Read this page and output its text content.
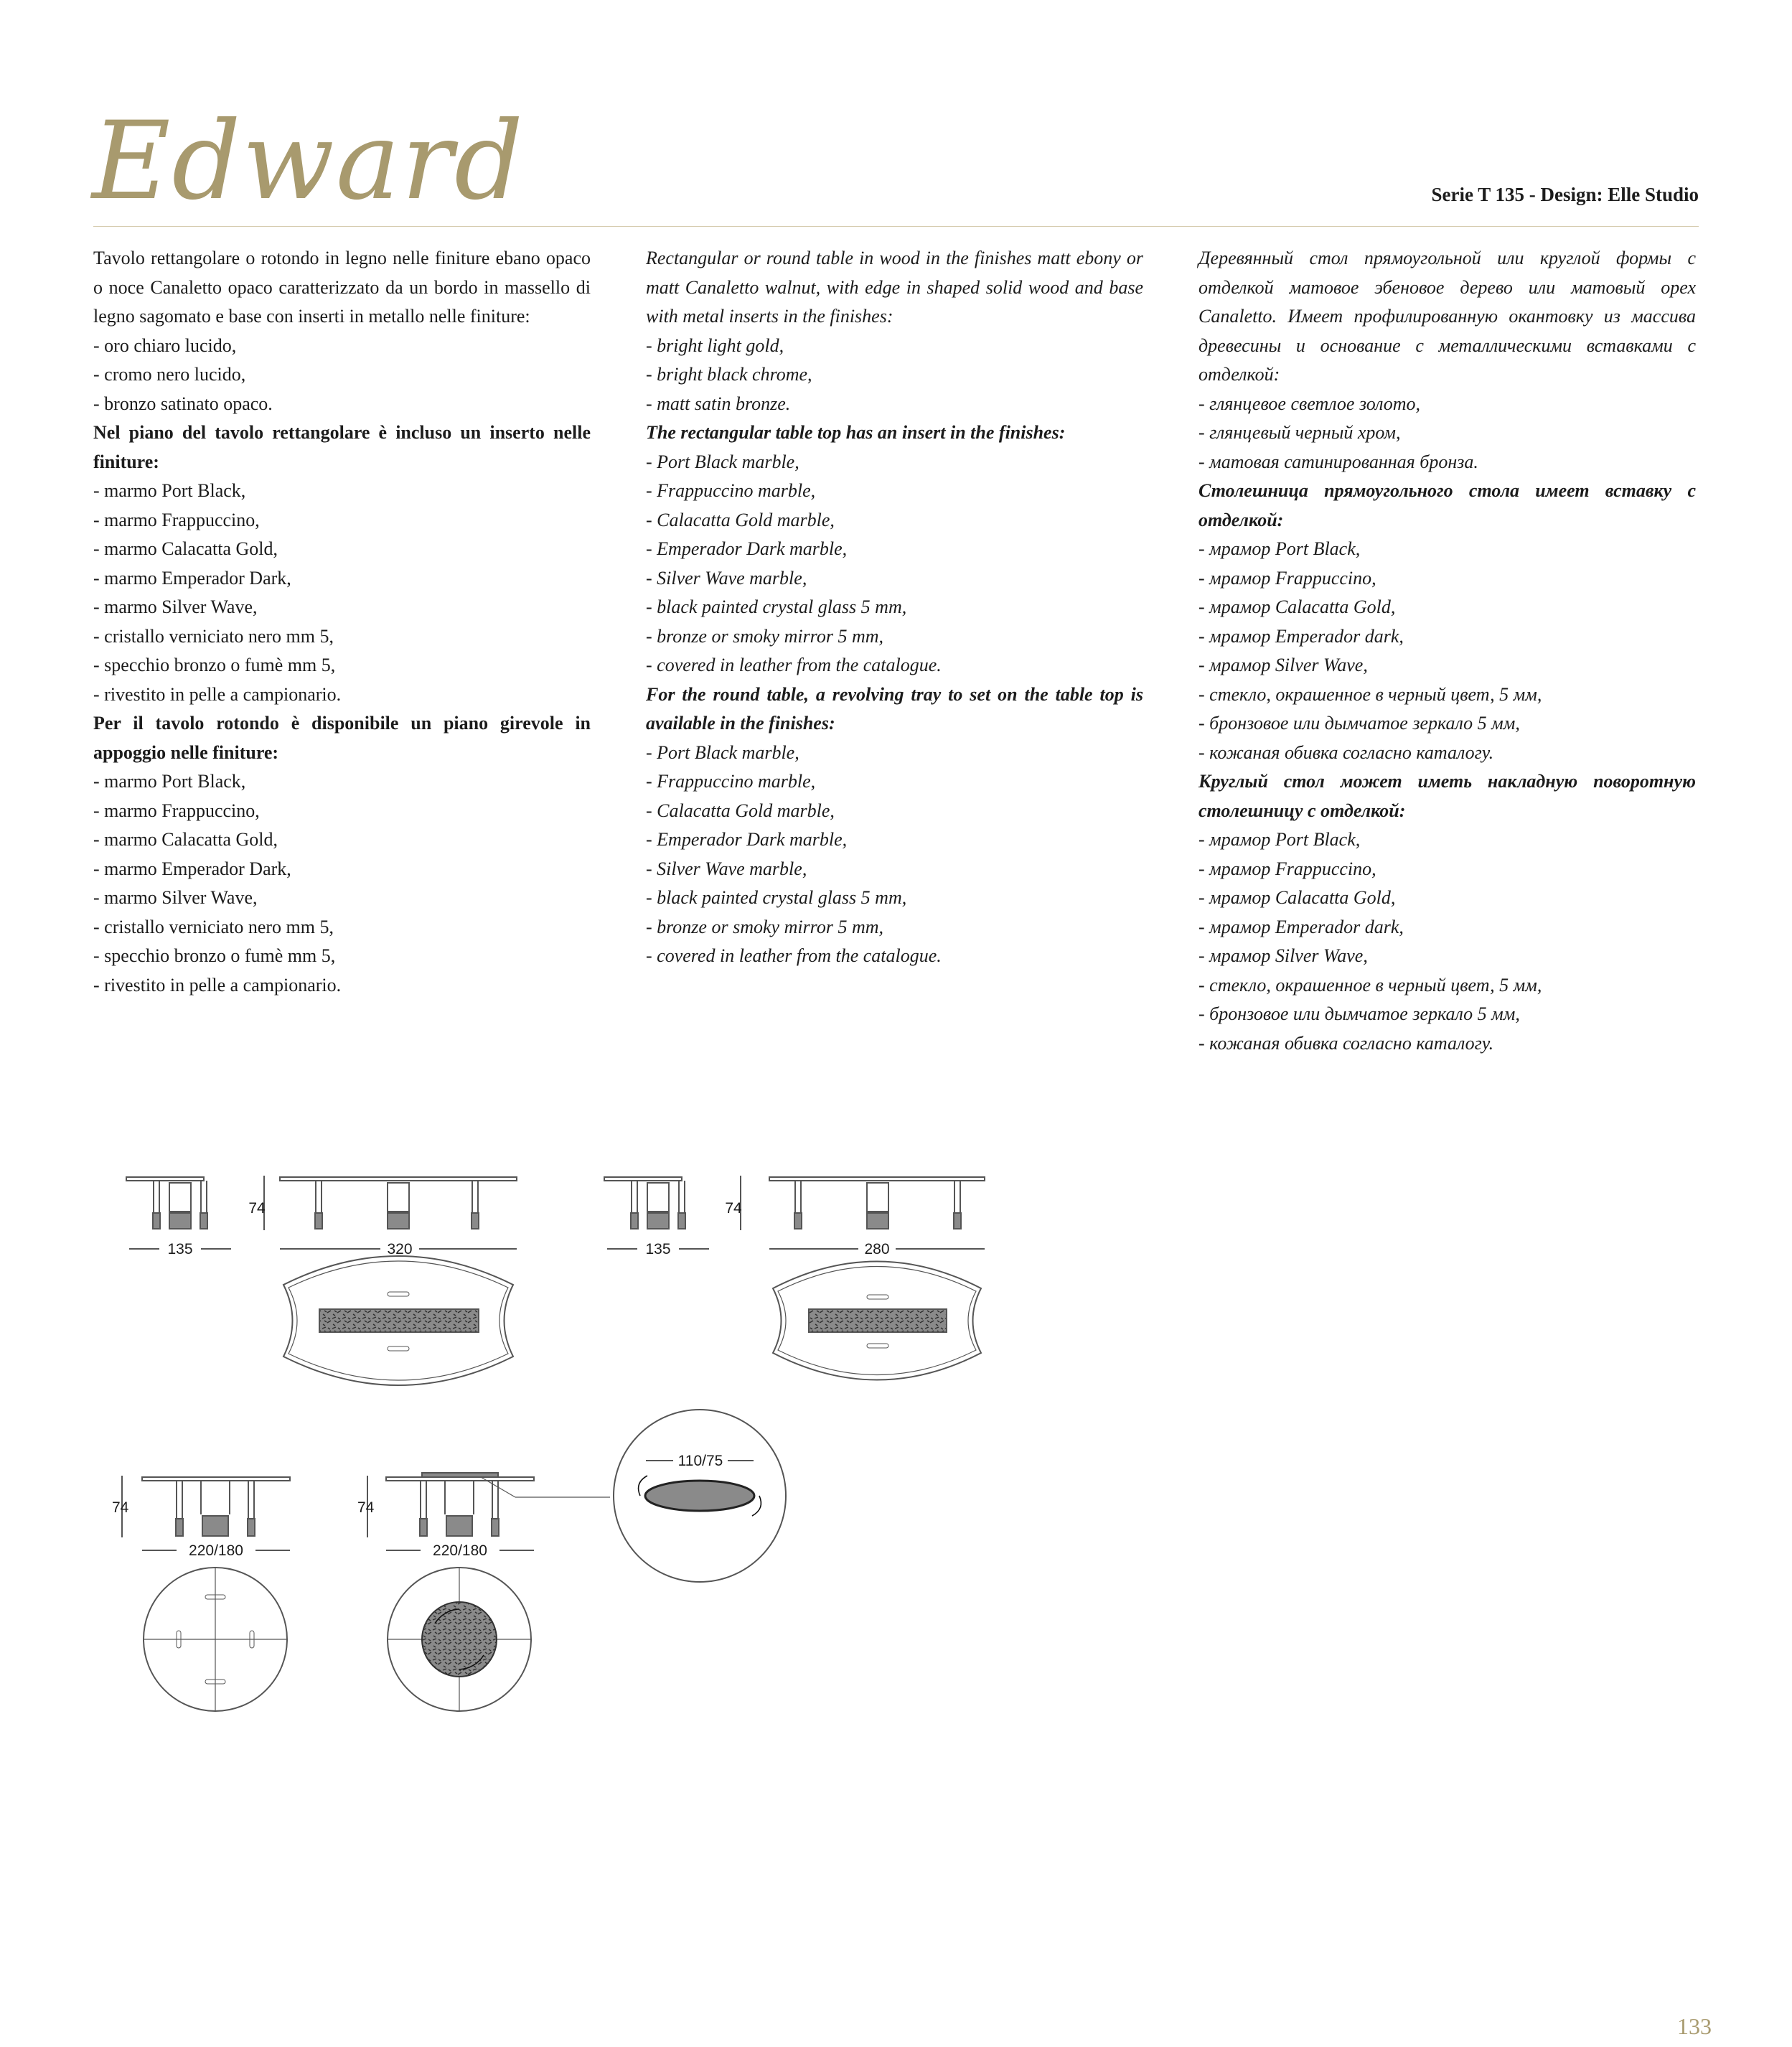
Edward	Serie T 135 - Design: Elle Studio

Tavolo rettangolare o rotondo in legno nelle finiture ebano opaco o noce Canaletto opaco caratterizzato da un bordo in massello di legno sagomato e base con inserti in metallo nelle finiture:

- oro chiaro lucido,

- cromo nero lucido,

- bronzo satinato opaco.

Nel piano del tavolo rettangolare è incluso un inserto nelle finiture:

- marmo Port Black,

- marmo Frappuccino,

- marmo Calacatta Gold,

- marmo Emperador Dark,

- marmo Silver Wave,

- cristallo verniciato nero mm 5,

- specchio bronzo o fumè mm 5,

- rivestito in pelle a campionario.

Per il tavolo rotondo è disponibile un piano girevole in appoggio nelle finiture:

- marmo Port Black,

- marmo Frappuccino,

- marmo Calacatta Gold,

- marmo Emperador Dark,

- marmo Silver Wave,

- cristallo verniciato nero mm 5,

- specchio bronzo o fumè mm 5,

- rivestito in pelle a campionario.

Rectangular or round table in wood in the finishes matt ebony or matt Canaletto walnut, with edge in shaped solid wood and base with metal inserts in the finishes:

- bright light gold,

- bright black chrome,

- matt satin bronze.

The rectangular table top has an insert in the finishes:

- Port Black marble,

- Frappuccino marble,

- Calacatta Gold marble,

- Emperador Dark marble,

- Silver Wave marble,

- black painted crystal glass 5 mm,

- bronze or smoky mirror 5 mm,

- covered in leather from the catalogue.

For the round table, a revolving tray to set on the table top is available in the finishes:

- Port Black marble,

- Frappuccino marble,

- Calacatta Gold marble,

- Emperador Dark marble,

- Silver Wave marble,

- black painted crystal glass 5 mm,

- bronze or smoky mirror 5 mm,

- covered in leather from the catalogue.

Деревянный стол прямоугольной или круглой формы с отделкой матовое эбеновое дерево или матовый орех Canaletto. Имеет профилированную окантовку из массива древесины и основание с металлическими вставками с отделкой:

- глянцевое светлое золото,

- глянцевый черный хром,

- матовая сатинированная бронза.

Столешница прямоугольного стола имеет вставку с отделкой:

- мрамор Port Black,

- мрамор Frappuccino,

- мрамор Calacatta Gold,

- мрамор Emperador dark,

- мрамор Silver Wave,

- стекло, окрашенное в черный цвет, 5 мм,

- бронзовое или дымчатое зеркало 5 мм,

- кожаная обивка согласно каталогу.

Круглый стол может иметь накладную поворотную столешницу с отделкой:

- мрамор Port Black,

- мрамор Frappuccino,

- мрамор Calacatta Gold,

- мрамор Emperador dark,

- мрамор Silver Wave,

- стекло, окрашенное в черный цвет, 5 мм,

- бронзовое или дымчатое зеркало 5 мм,

- кожаная обивка согласно каталогу.

74
135	320
74
135	280
74
220/180
74
220/180
110/75
133
